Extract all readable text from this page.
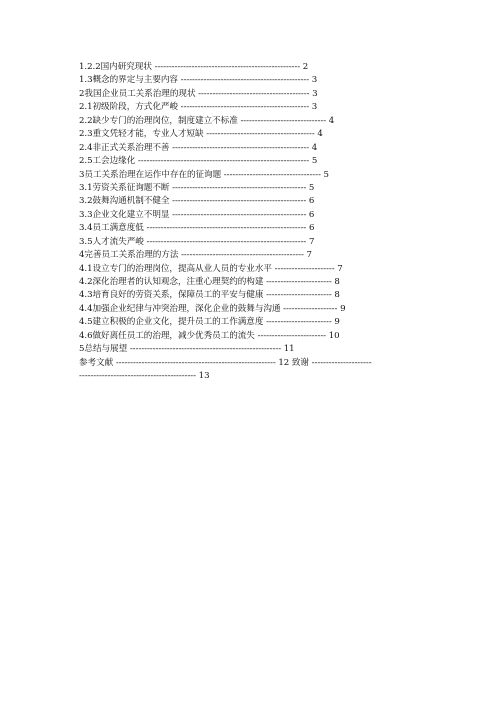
1.2.2国内研究现状 --------------------------------------------------- 2
1.3概念的界定与主要内容 --------------------------------------------- 3
2我国企业员工关系治理的现状 --------------------------------------- 3
2.1初级阶段，方式化严峻 --------------------------------------------- 3
2.2缺少专门的治理岗位，制度建立不标准 ------------------------------ 4
2.3重文凭轻才能，专业人才短缺 -------------------------------------- 4
2.4非正式关系治理不善 ------------------------------------------------ 4
2.5工会边缘化 ------------------------------------------------------------ 5
3员工关系治理在运作中存在的征询题 ---------------------------------- 5
3.1劳资关系征询题不断 ----------------------------------------------- 5
3.2鼓舞沟通机制不健全 ----------------------------------------------- 6
3.3企业文化建立不明显 ----------------------------------------------- 6
3.4员工满意度低 -------------------------------------------------------- 6
3.5人才流失严峻 -------------------------------------------------------- 7
4完善员工关系治理的方法 ------------------------------------------- 7
4.1设立专门的治理岗位，提高从业人员的专业水平 --------------------- 7
4.2深化治理者的认知观念，注重心理契约的构建 ----------------------- 8
4.3培育良好的劳资关系，保障员工的平安与健康 ----------------------- 8
4.4加强企业纪律与冲突治理，深化企业的鼓舞与沟通 ------------------- 9
4.5建立积极的企业文化，提升员工的工作满意度 ----------------------- 9
4.6做好离任员工的治理，减少优秀员工的流失 ------------------------ 10
5总结与展望 ----------------------------------------------------- 11
参考文献 -------------------------------------------------------- 12 致谢 ---------------------
----------------------------------------- 13
